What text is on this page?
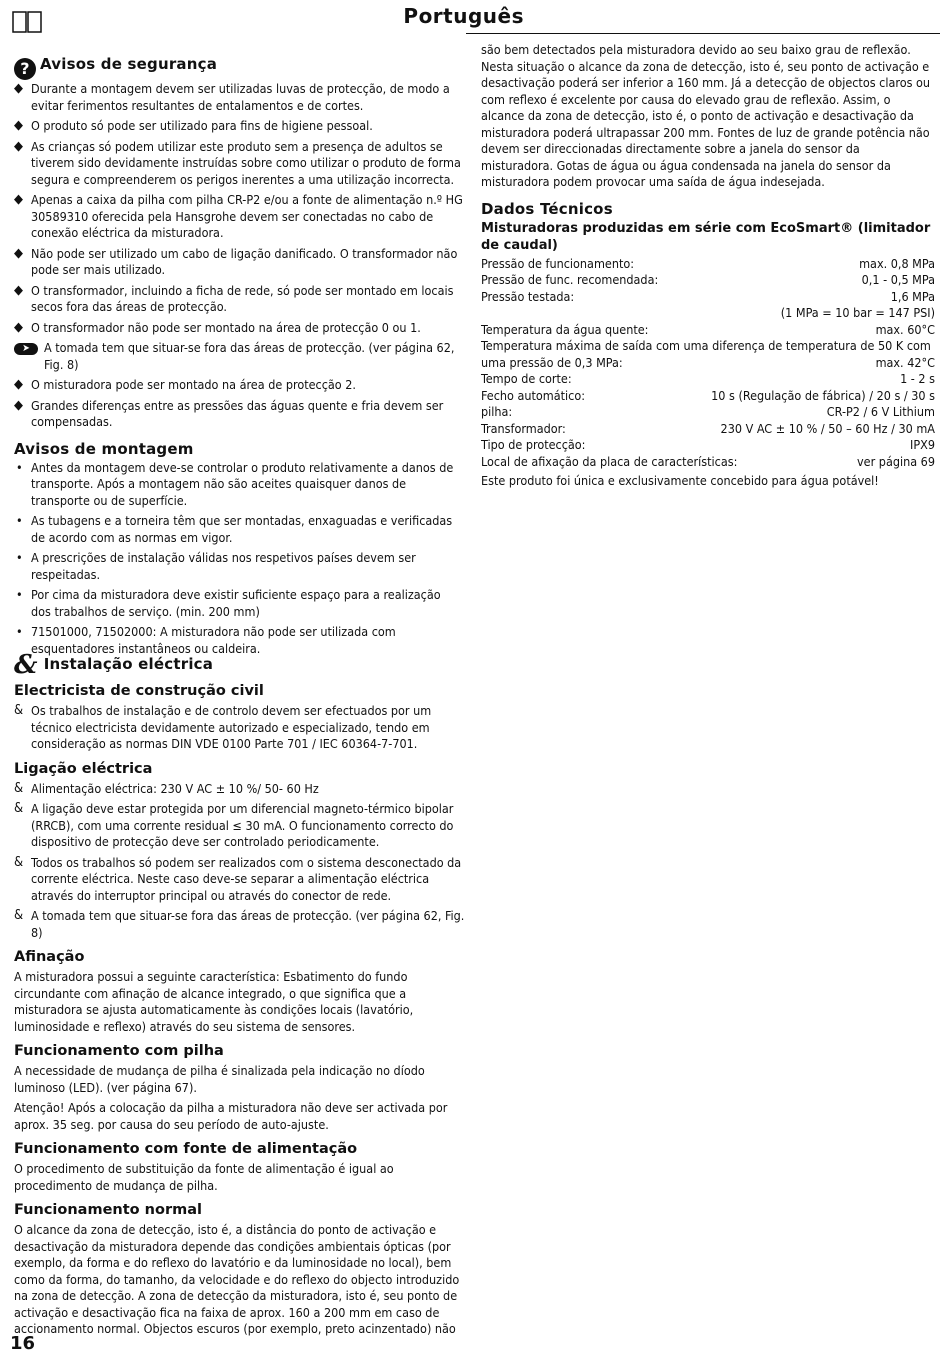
Português
? Avisos de segurança
◆ Durante a montagem devem ser utilizadas luvas de protecção, de modo a evitar ferimentos resultantes de entalamentos e de cortes.
◆ O produto só pode ser utilizado para fins de higiene pessoal.
◆ As crianças só podem utilizar este produto sem a presença de adultos se tiverem sido devidamente instruídas sobre como utilizar o produto de forma segura e compreenderem os perigos inerentes a uma utilização incorrecta.
◆ Apenas a caixa da pilha com pilha CR-P2 e/ou a fonte de alimentação n.º HG 30589310 oferecida pela Hansgrohe devem ser conectadas no cabo de conexão eléctrica da misturadora.
◆ Não pode ser utilizado um cabo de ligação danificado. O transformador não pode ser mais utilizado.
◆ O transformador, incluindo a ficha de rede, só pode ser montado em locais secos fora das áreas de protecção.
◆ O transformador não pode ser montado na área de protecção 0 ou 1.
➤	A tomada tem que situar-se fora das áreas de protecção. (ver página 62, Fig. 8)
◆ O misturadora pode ser montado na área de protecção 2.
◆ Grandes diferenças entre as pressões das águas quente e fria devem ser compensadas.
Avisos de montagem
• Antes da montagem deve-se controlar o produto relativamente a danos de transporte. Após a montagem não são aceites quaisquer danos de transporte ou de superfície.
• As tubagens e a torneira têm que ser montadas, enxaguadas e verificadas de acordo com as normas em vigor.
• A prescrições de instalação válidas nos respetivos países devem ser respeitadas.
• Por cima da misturadora deve existir suficiente espaço para a realização dos trabalhos de serviço. (min. 200 mm)
• 71501000, 71502000: A misturadora não pode ser utilizada com esquentadores instantâneos ou caldeira.
são bem detectados pela misturadora devido ao seu baixo grau de reflexão. Nesta situação o alcance da zona de detecção, isto é, seu ponto de activação e desactivação poderá ser inferior a 160 mm. Já a detecção de objectos claros ou com reflexo é excelente por causa do elevado grau de reflexão. Assim, o alcance da zona de detecção, isto é, o ponto de activação e desactivação da misturadora poderá ultrapassar 200 mm. Fontes de luz de grande potência não devem ser direccionadas directamente sobre a janela do sensor da misturadora. Gotas de água ou água condensada na janela do sensor da misturadora podem provocar uma saída de água indesejada.
Dados Técnicos
Misturadoras produzidas em série com EcoSmart® (limitador de caudal)
Pressão de funcionamento:	max. 0,8 MPa
Pressão de func. recomendada:	0,1 - 0,5 MPa
Pressão testada:	1,6 MPa
(1 MPa = 10 bar = 147 PSI)
Temperatura da água quente:	max. 60°C
Temperatura máxima de saída com uma diferença de temperatura de 50 K com
uma pressão de 0,3 MPa:	max. 42°C
Tempo de corte:	1 - 2 s
Fecho automático:	10 s (Regulação de fábrica) / 20 s / 30 s
pilha:	CR-P2 / 6 V Lithium
Transformador:	230 V AC ± 10 % / 50 – 60 Hz / 30 mA
Tipo de protecção:	IPX9
Local de afixação da placa de características:	ver página 69
Este produto foi única e exclusivamente concebido para água potável!
& Instalação eléctrica
Electricista de construção civil
& Os trabalhos de instalação e de controlo devem ser efectuados por um técnico electricista devidamente autorizado e especializado, tendo em consideração as normas DIN VDE 0100 Parte 701 / IEC 60364-7-701.
Ligação eléctrica
& Alimentação eléctrica: 230 V AC ± 10 %/ 50- 60 Hz
& A ligação deve estar protegida por um diferencial magneto-térmico bipolar (RRCB), com uma corrente residual ≤ 30 mA. O funcionamento correcto do dispositivo de protecção deve ser controlado periodicamente.
& Todos os trabalhos só podem ser realizados com o sistema desconectado da corrente eléctrica. Neste caso deve-se separar a alimentação eléctrica através do interruptor principal ou através do conector de rede.
& A tomada tem que situar-se fora das áreas de protecção. (ver página 62, Fig. 8)
Afinação
A misturadora possui a seguinte característica: Esbatimento do fundo circundante com afinação de alcance integrado, o que significa que a misturadora se ajusta automaticamente às condições locais (lavatório, luminosidade e reflexo) através do seu sistema de sensores.
Funcionamento com pilha
A necessidade de mudança de pilha é sinalizada pela indicação no díodo luminoso (LED). (ver página 67).
Atenção! Após a colocação da pilha a misturadora não deve ser activada por aprox. 35 seg. por causa do seu período de auto-ajuste.
Funcionamento com fonte de alimentação
O procedimento de substituição da fonte de alimentação é igual ao procedimento de mudança de pilha.
Funcionamento normal
O alcance da zona de detecção, isto é, a distância do ponto de activação e desactivação da misturadora depende das condições ambientais ópticas (por exemplo, da forma e do reflexo do lavatório e da luminosidade no local), bem como da forma, do tamanho, da velocidade e do reflexo do objecto introduzido na zona de detecção. A zona de detecção da misturadora, isto é, seu ponto de activação e desactivação fica na faixa de aprox. 160 a 200 mm em caso de accionamento normal. Objectos escuros (por exemplo, preto acinzentado) não
16
